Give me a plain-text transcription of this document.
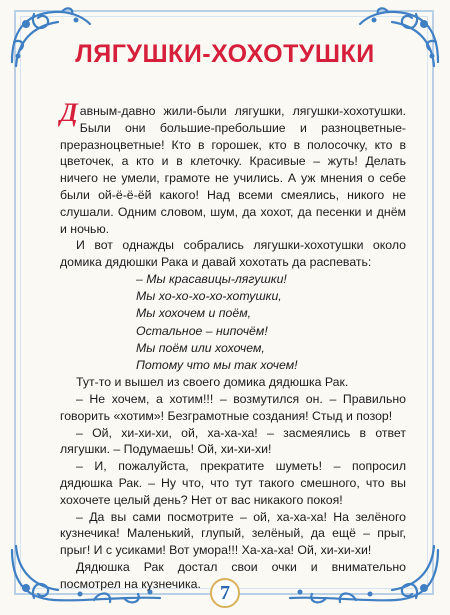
ЛЯГУШКИ-ХОХОТУШКИ

Давным-давно жили-были лягушки, лягушки-хохотушки. Были они большие-пребольшие и разноцветные-преразноцветные! Кто в горошек, кто в полосочку, кто в цветочек, а кто и в клеточку. Красивые – жуть! Делать ничего не умели, грамоте не учились. А уж мнения о себе были ой-ё-ё-ёй какого! Над всеми смеялись, никого не слушали. Одним словом, шум, да хохот, да песенки и днём и ночью.

И вот однажды собрались лягушки-хохотушки около домика дядюшки Рака и давай хохотать да распевать:

– Мы красавицы-лягушки!
Мы хо-хо-хо-хо-хотушки,
Мы хохочем и поём,
Остальное – нипочём!
Мы поём или хохочем,
Потому что мы так хочем!

Тут-то и вышел из своего домика дядюшка Рак.

– Не хочем, а хотим!!! – возмутился он. – Правильно говорить «хотим»! Безграмотные создания! Стыд и позор!

– Ой, хи-хи-хи, ой, ха-ха-ха! – засмеялись в ответ лягушки. – Подумаешь! Ой, хи-хи-хи!

– И, пожалуйста, прекратите шуметь! – попросил дядюшка Рак. – Ну что, что тут такого смешного, что вы хохочете целый день? Нет от вас никакого покоя!

– Да вы сами посмотрите – ой, ха-ха-ха! На зелёного кузнечика! Маленький, глупый, зелёный, да ещё – прыг, прыг! И с усиками! Вот умора!!! Ха-ха-ха! Ой, хи-хи-хи!

Дядюшка Рак достал свои очки и внимательно посмотрел на кузнечика. 7
